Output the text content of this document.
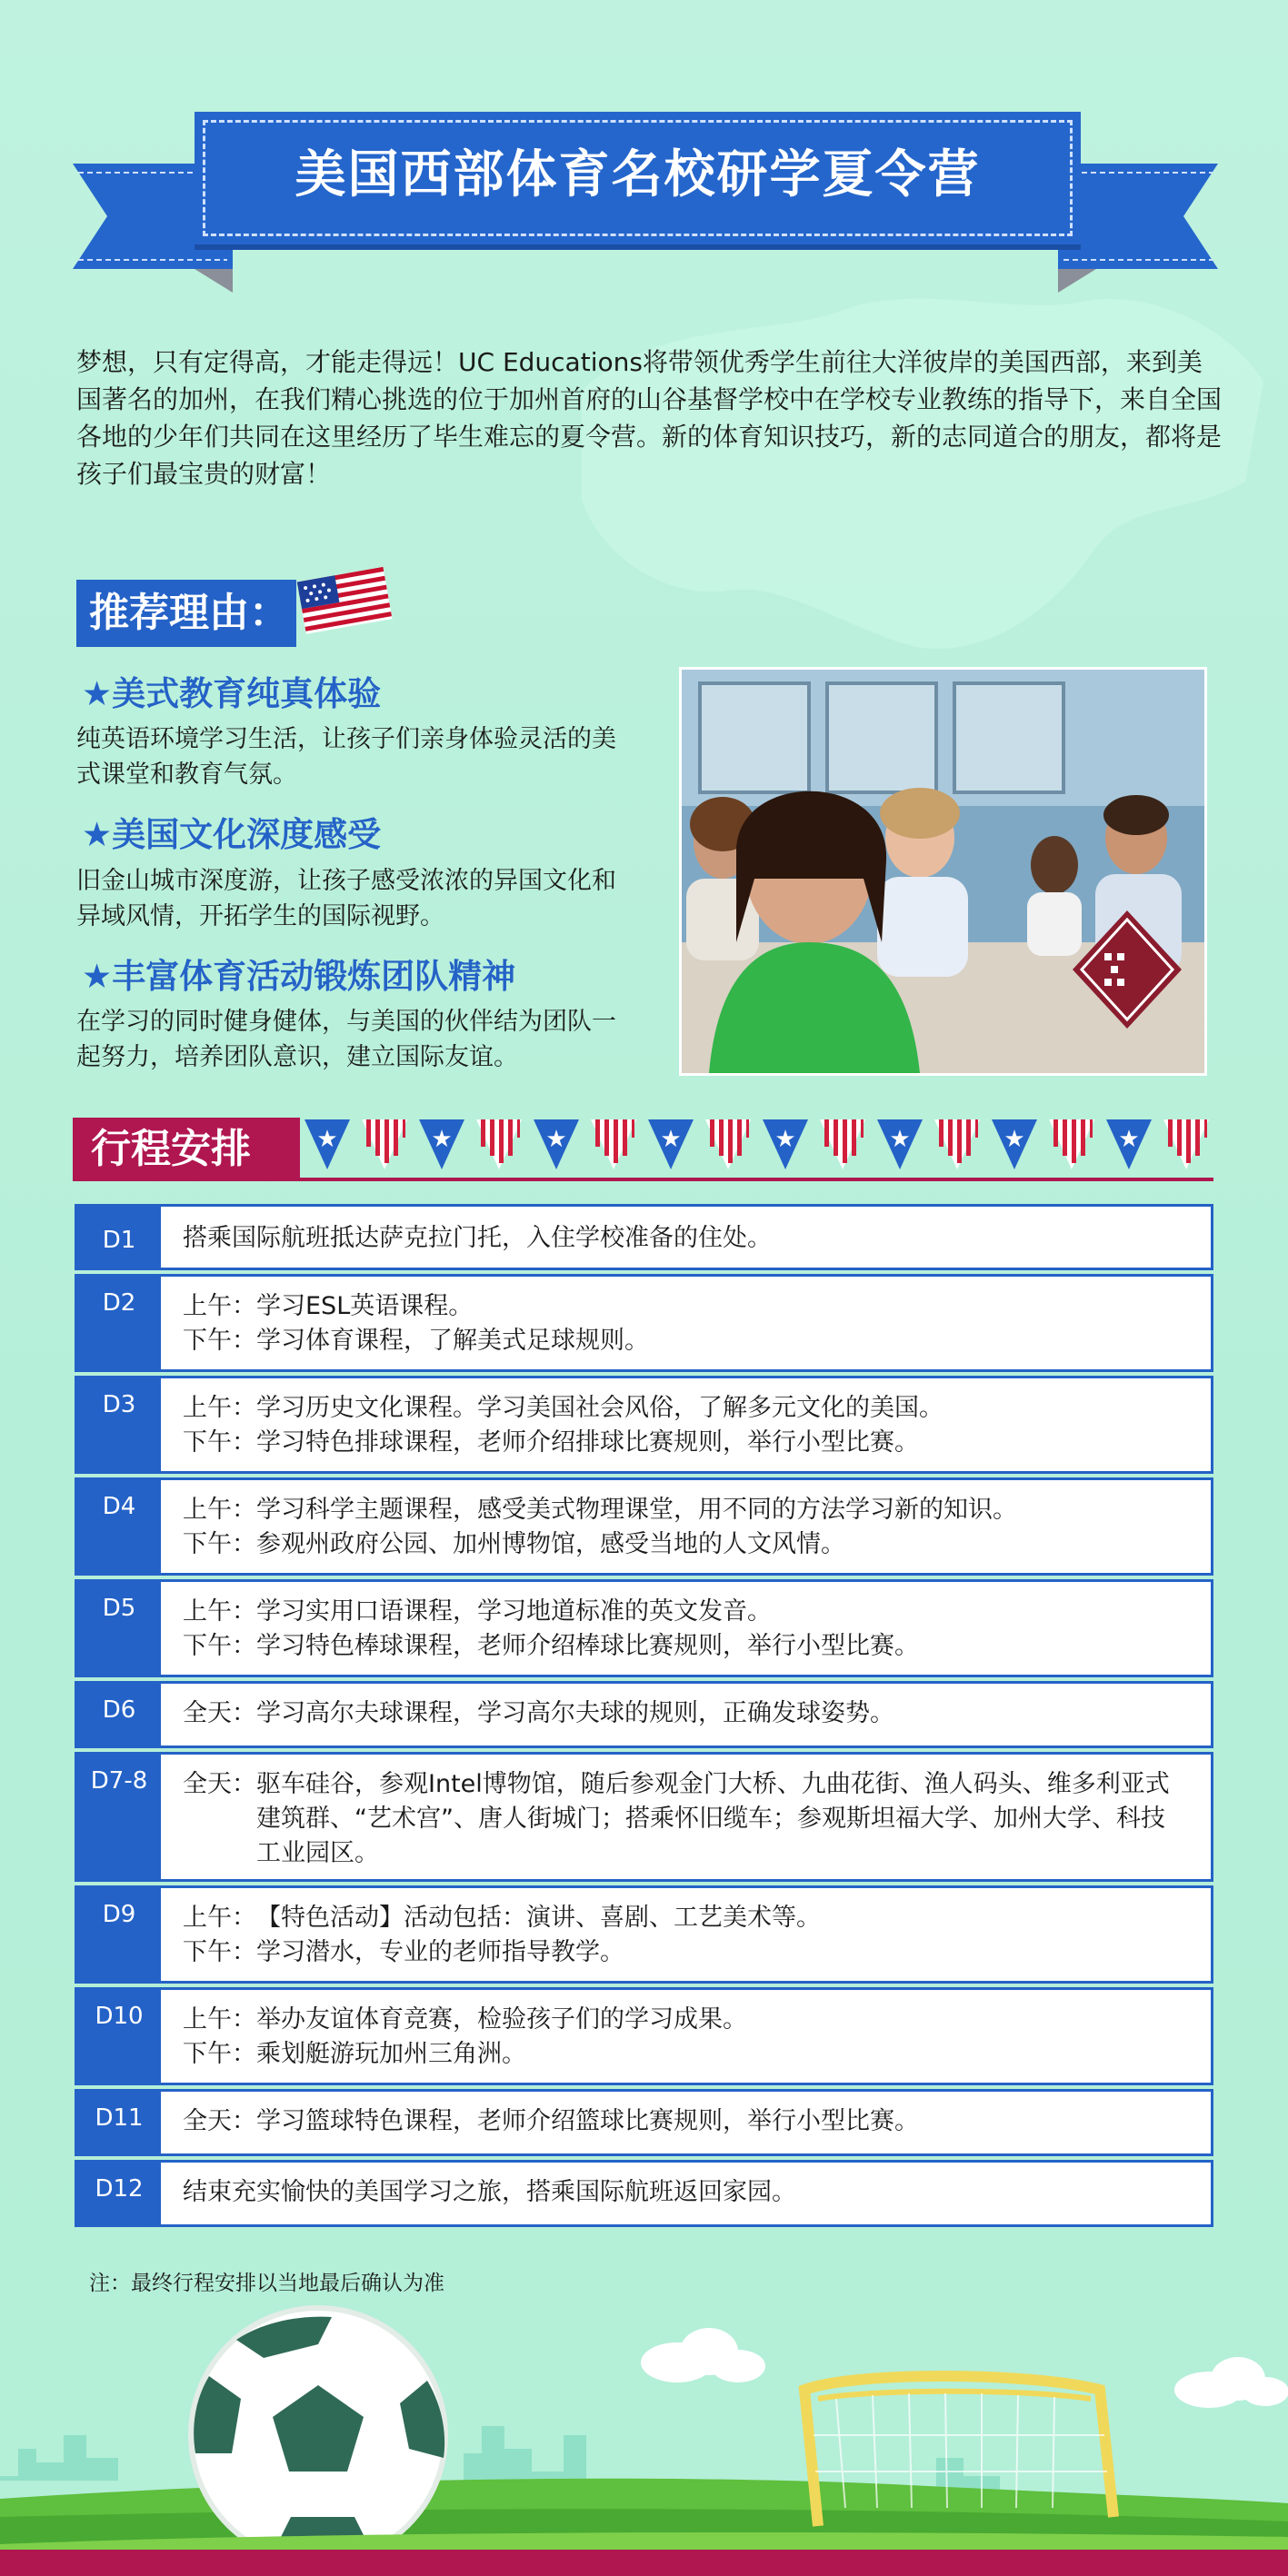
美国西部体育名校研学夏令营
梦想，只有定得高，才能走得远！UC Educations将带领优秀学生前往大洋彼岸的美国西部，来到美国著名的加州，在我们精心挑选的位于加州首府的山谷基督学校中在学校专业教练的指导下，来自全国各地的少年们共同在这里经历了毕生难忘的夏令营。新的体育知识技巧，新的志同道合的朋友，都将是孩子们最宝贵的财富！
推荐理由：
★美式教育纯真体验
纯英语环境学习生活，让孩子们亲身体验灵活的美式课堂和教育气氛。
★美国文化深度感受
旧金山城市深度游，让孩子感受浓浓的异国文化和异域风情，开拓学生的国际视野。
★丰富体育活动锻炼团队精神
在学习的同时健身健体，与美国的伙伴结为团队一起努力，培养团队意识，建立国际友谊。
行程安排	★
D1	搭乘国际航班抵达萨克拉门托，入住学校准备的住处。
D2	上午： 学习ESL英语课程。
下午： 学习体育课程，了解美式足球规则。
D3	上午： 学习历史文化课程。学习美国社会风俗，了解多元文化的美国。
下午： 学习特色排球课程，老师介绍排球比赛规则，举行小型比赛。
D4	上午： 学习科学主题课程，感受美式物理课堂，用不同的方法学习新的知识。
下午： 参观州政府公园、加州博物馆，感受当地的人文风情。
D5	上午： 学习实用口语课程，学习地道标准的英文发音。
下午： 学习特色棒球课程，老师介绍棒球比赛规则，举行小型比赛。
D6	全天： 学习高尔夫球课程，学习高尔夫球的规则，正确发球姿势。
D7-8	全天： 驱车硅谷，参观Intel博物馆，随后参观金门大桥、九曲花街、渔人码头、维多利亚式建筑群、“艺术宫”、唐人街城门；搭乘怀旧缆车；参观斯坦福大学、加州大学、科技工业园区。
D9	上午： 【特色活动】活动包括：演讲、喜剧、工艺美术等。
下午： 学习潜水，专业的老师指导教学。
D10	上午： 举办友谊体育竞赛，检验孩子们的学习成果。
下午： 乘划艇游玩加州三角洲。
D11	全天： 学习篮球特色课程，老师介绍篮球比赛规则，举行小型比赛。
D12	结束充实愉快的美国学习之旅，搭乘国际航班返回家园。
注：最终行程安排以当地最后确认为准
